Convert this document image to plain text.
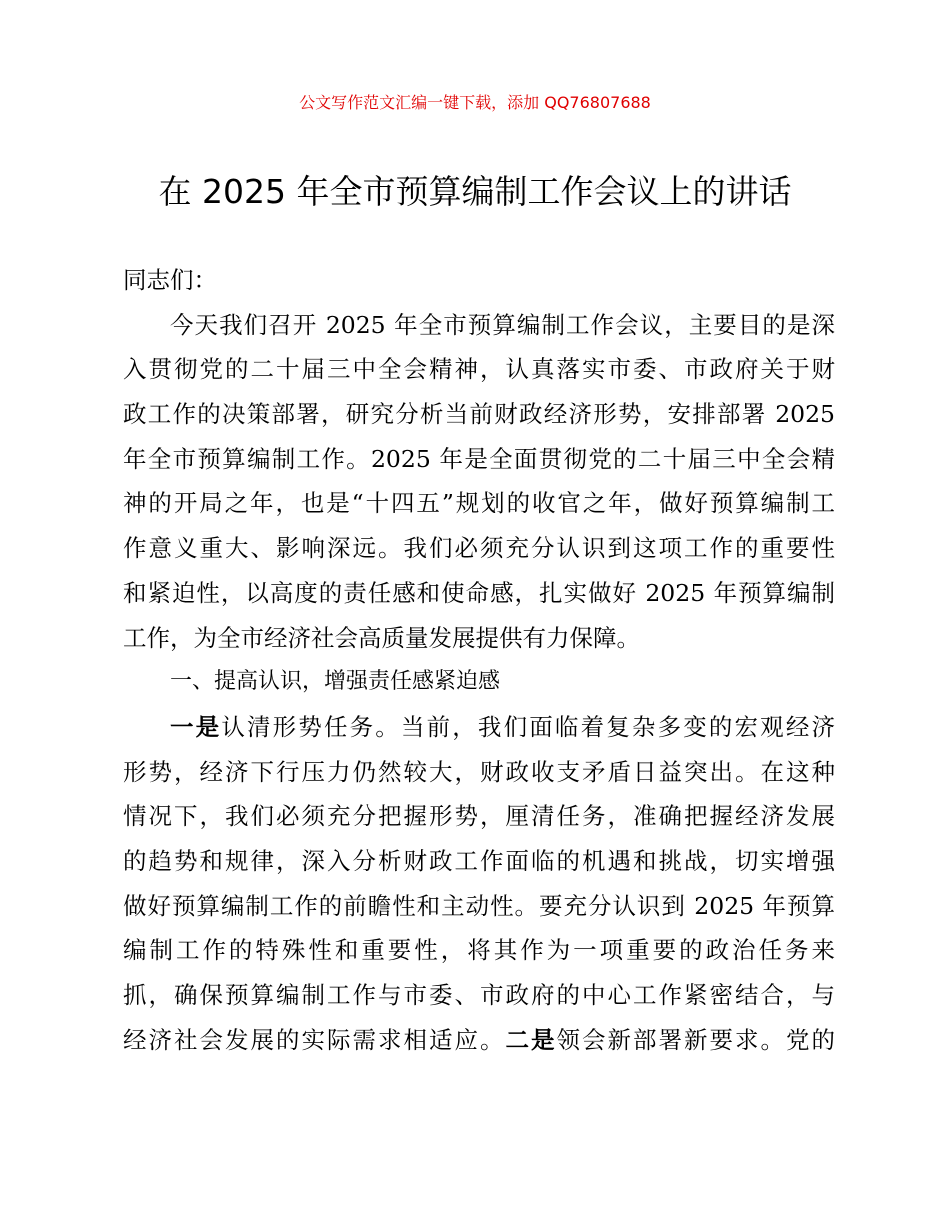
公文写作范文汇编一键下载，添加 QQ76807688
在 2025 年全市预算编制工作会议上的讲话
同志们：
今天我们召开 2025 年全市预算编制工作会议，主要目的是深
入贯彻党的二十届三中全会精神，认真落实市委、市政府关于财
政工作的决策部署，研究分析当前财政经济形势，安排部署 2025
年全市预算编制工作。2025 年是全面贯彻党的二十届三中全会精
神的开局之年，也是“十四五”规划的收官之年，做好预算编制工
作意义重大、影响深远。我们必须充分认识到这项工作的重要性
和紧迫性，以高度的责任感和使命感，扎实做好 2025 年预算编制
工作，为全市经济社会高质量发展提供有力保障。
一、提高认识，增强责任感紧迫感
一是认清形势任务。当前，我们面临着复杂多变的宏观经济
形势，经济下行压力仍然较大，财政收支矛盾日益突出。在这种
情况下，我们必须充分把握形势，厘清任务，准确把握经济发展
的趋势和规律，深入分析财政工作面临的机遇和挑战，切实增强
做好预算编制工作的前瞻性和主动性。要充分认识到 2025 年预算
编制工作的特殊性和重要性，将其作为一项重要的政治任务来
抓，确保预算编制工作与市委、市政府的中心工作紧密结合，与
经济社会发展的实际需求相适应。二是领会新部署新要求。党的
